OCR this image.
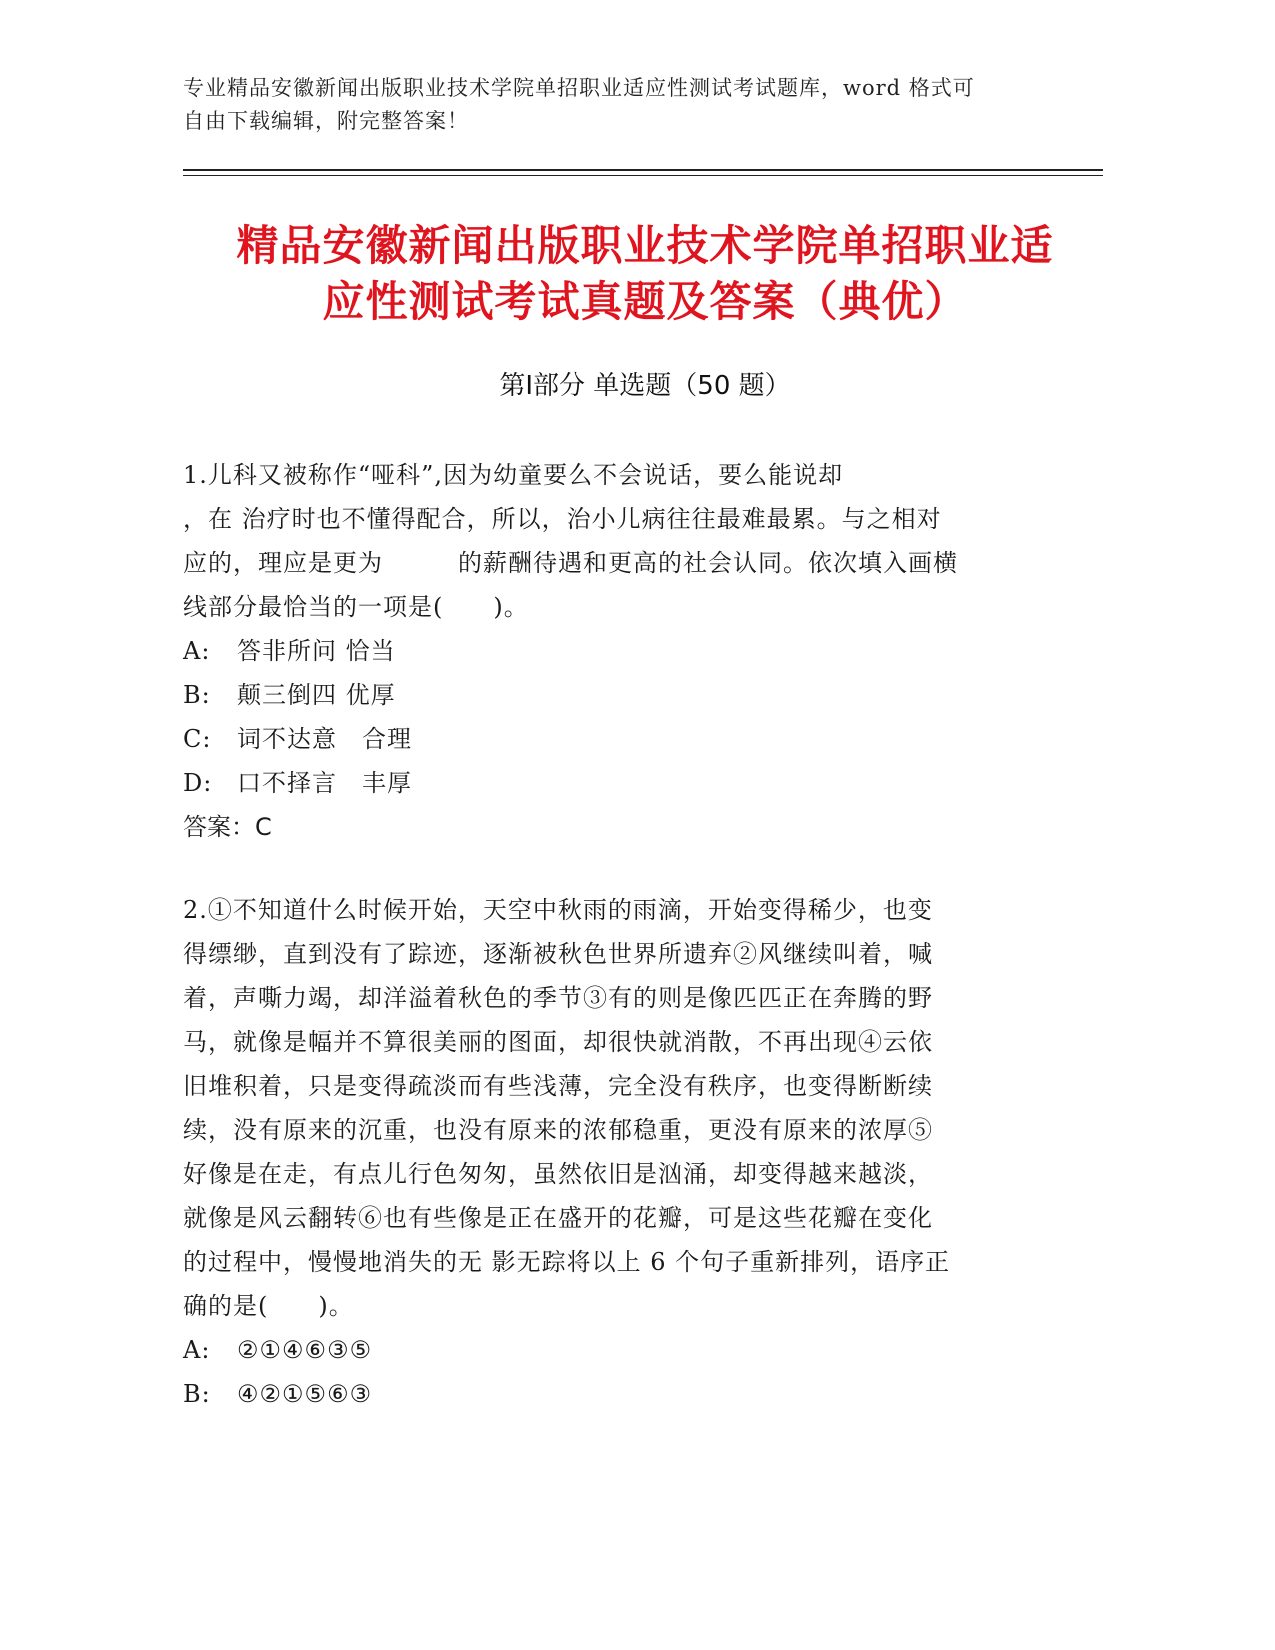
专业精品安徽新闻出版职业技术学院单招职业适应性测试考试题库，word 格式可
自由下载编辑，附完整答案！
精品安徽新闻出版职业技术学院单招职业适
应性测试考试真题及答案（典优）
第Ⅰ部分 单选题（50 题）

1.儿科又被称作“哑科”,因为幼童要么不会说话，要么能说却

，在 治疗时也不懂得配合，所以，治小儿病往往最难最累。与之相对

应的，理应是更为　　　的薪酬待遇和更高的社会认同。依次填入画横

线部分最恰当的一项是(　　)。

A: 答非所问 恰当

B: 颠三倒四 优厚

C: 词不达意　合理

D: 口不择言　丰厚

答案：C

2.①不知道什么时候开始，天空中秋雨的雨滴，开始变得稀少，也变

得缥缈，直到没有了踪迹，逐渐被秋色世界所遗弃②风继续叫着，喊

着，声嘶力竭，却洋溢着秋色的季节③有的则是像匹匹正在奔腾的野

马，就像是幅并不算很美丽的图面，却很快就消散，不再出现④云依

旧堆积着，只是变得疏淡而有些浅薄，完全没有秩序，也变得断断续

续，没有原来的沉重，也没有原来的浓郁稳重，更没有原来的浓厚⑤

好像是在走，有点儿行色匆匆，虽然依旧是汹涌，却变得越来越淡，

就像是风云翻转⑥也有些像是正在盛开的花瓣，可是这些花瓣在变化

的过程中，慢慢地消失的无 影无踪将以上 6 个句子重新排列，语序正

确的是(　　)。

A: ②①④⑥③⑤

B: ④②①⑤⑥③
